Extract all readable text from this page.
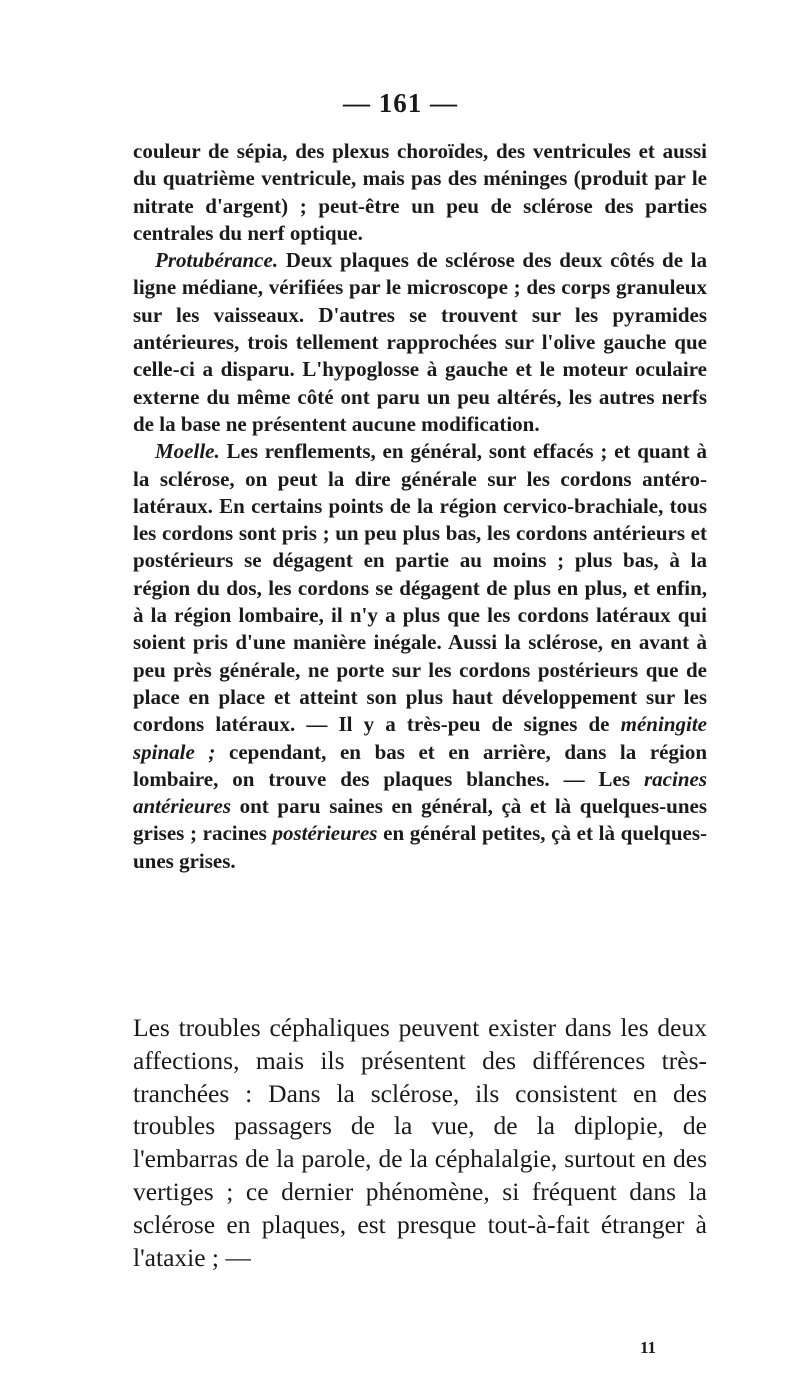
— 161 —

couleur de sépia, des plexus choroïdes, des ventricules et aussi du quatrième ventricule, mais pas des méninges (produit par le nitrate d'argent) ; peut-être un peu de sclérose des parties centrales du nerf optique.

Protubérance. Deux plaques de sclérose des deux côtés de la ligne médiane, vérifiées par le microscope ; des corps granuleux sur les vaisseaux. D'autres se trouvent sur les pyramides antérieures, trois tellement rapprochées sur l'olive gauche que celle-ci a disparu. L'hypoglosse à gauche et le moteur oculaire externe du même côté ont paru un peu altérés, les autres nerfs de la base ne présentent aucune modification.

Moelle. Les renflements, en général, sont effacés ; et quant à la sclérose, on peut la dire générale sur les cordons antéro-latéraux. En certains points de la région cervico-brachiale, tous les cordons sont pris ; un peu plus bas, les cordons antérieurs et postérieurs se dégagent en partie au moins ; plus bas, à la région du dos, les cordons se dégagent de plus en plus, et enfin, à la région lombaire, il n'y a plus que les cordons latéraux qui soient pris d'une manière inégale. Aussi la sclérose, en avant à peu près générale, ne porte sur les cordons postérieurs que de place en place et atteint son plus haut développement sur les cordons latéraux. — Il y a très-peu de signes de méningite spinale ; cependant, en bas et en arrière, dans la région lombaire, on trouve des plaques blanches. — Les racines antérieures ont paru saines en général, çà et là quelques-unes grises ; racines postérieures en général petites, çà et là quelques-unes grises.

Les troubles céphaliques peuvent exister dans les deux affections, mais ils présentent des différences très-tranchées : Dans la sclérose, ils consistent en des troubles passagers de la vue, de la diplopie, de l'embarras de la parole, de la céphalalgie, surtout en des vertiges ; ce dernier phénomène, si fréquent dans la sclérose en plaques, est presque tout-à-fait étranger à l'ataxie ; —

11
